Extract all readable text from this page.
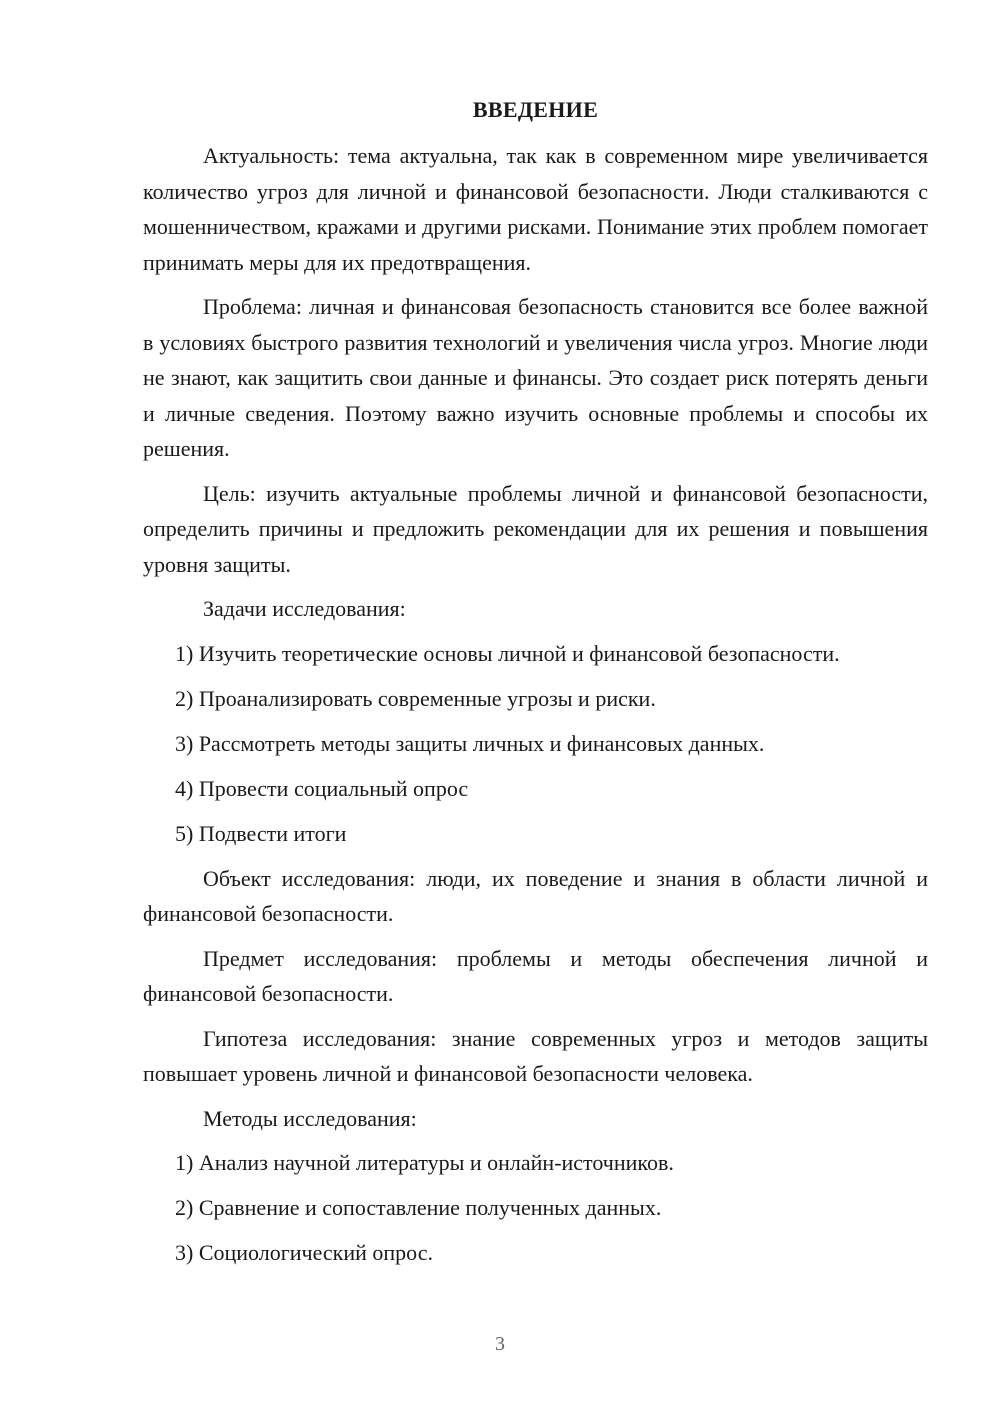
ВВЕДЕНИЕ

Актуальность: тема актуальна, так как в современном мире увеличивается количество угроз для личной и финансовой безопасности. Люди сталкиваются с мошенничеством, кражами и другими рисками. Понимание этих проблем помогает принимать меры для их предотвращения.

Проблема: личная и финансовая безопасность становится все более важной в условиях быстрого развития технологий и увеличения числа угроз. Многие люди не знают, как защитить свои данные и финансы. Это создает риск потерять деньги и личные сведения. Поэтому важно изучить основные проблемы и способы их решения.

Цель: изучить актуальные проблемы личной и финансовой безопасности, определить причины и предложить рекомендации для их решения и повышения уровня защиты.

Задачи исследования:
1) Изучить теоретические основы личной и финансовой безопасности.
2) Проанализировать современные угрозы и риски.
3) Рассмотреть методы защиты личных и финансовых данных.
4) Провести социальный опрос
5) Подвести итоги

Объект исследования: люди, их поведение и знания в области личной и финансовой безопасности.

Предмет исследования: проблемы и методы обеспечения личной и финансовой безопасности.

Гипотеза исследования: знание современных угроз и методов защиты повышает уровень личной и финансовой безопасности человека.

Методы исследования:
1) Анализ научной литературы и онлайн-источников.
2) Сравнение и сопоставление полученных данных.
3) Социологический опрос.
3
